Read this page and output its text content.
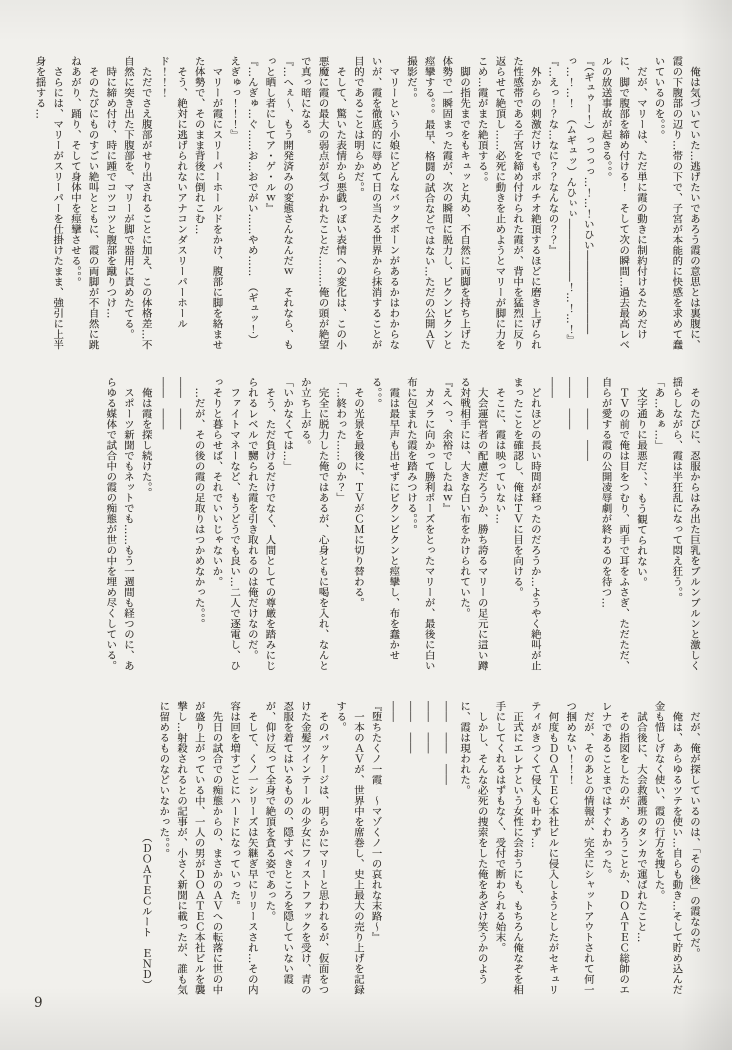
　俺は気づいていた…逃げたいであろう霞の意思とは裏腹に、霞の下腹部の辺り…帯の下で、子宮が本能的に快感を求めて蠢いているのを。。。

　だが、マリーは、ただ単に霞の動きに制約付けるためだけに、脚で腹部を締め付ける！　そして次の瞬間…過去最高レベルの放送事故が起きる。。。

『（ギュゥー！）っっっっ…！…！いひい――――――――っ…！…！　（ムギュッ）んひぃぃ――――――！…！…！』

『…えっ！？な…なに？？なんなの？？』

　外からの刺激だけでもポルチオ絶頂するほどに磨き上げられた性感帯である子宮を締め付けられた霞が、背中を猛烈に反り返らせて絶頂し……必死に動きを止めようとマリーが脚に力をこめ…霞がまた絶頂する。。

　脚の指先までをもキュッと丸め、不自然に両脚を持ち上げた体勢で一瞬固まった霞が、次の瞬間に脱力し、ビクンビクンと痙攣する。。。最早、格闘の試合などではない…ただの公開ＡＶ撮影だ。。

　マリーという小娘にどんなバックボーンがあるかはわからないが、霞を徹底的に辱めて日の当たる世界から抹消することが目的であることは明らかだ。。

　そして、驚いた表情から悪戯っぽい表情への変化は、この小悪魔に霞の最大の弱点が気づかれたことだ………俺の頭が絶望で真っ暗になる。

『…へぇ〜、もう開発済みの変態さんなんだｗ　それなら、もっと晒し者にしてア・ゲ・ルｗ』

『…んぎゅ…ぐ……お…おでがい……やめ……　（ギュッ！）　えぎゅっ！！！』

　マリーが霞にスリーパーホールドをかけ、腹部に脚を絡ませた体勢で、そのまま背後に倒れこむ…

　そう、絶対に逃げられないアナコンダスリーパーホールド！！！

　ただでさえ腹部がせり出されることに加え、この体格差…不自然に突き出た下腹部を、マリーが脚で器用に責めたてる。

　時に締め付け、時に踵でコツコツと腹部を蹴りつけ…

　そのたびにものすごい絶叫とともに、霞の両脚が不自然に跳ねあがり、踊り、そして身体中を痙攣させる。。。

　さらには、マリーがスリーパーを仕掛けたまま、強引に上半身を揺する…

　そのたびに、忍服からはみ出た巨乳をブルンブルンと激しく揺らしながら、霞は半狂乱になって悶え狂う。。

「あ…あぁ…」

　文字通りに最悪だ、、、もう観てられない。

　ＴＶの前で俺は目をつむり、両手で耳をふさぎ、ただただ、自らが愛する霞の公開凌辱劇が終わるのを待つ…

――　――　――

――　――

――

　どれほどの長い時間が経ったのだろうか…ようやく絶叫が止まったことを確認し、俺はＴＶに目を向ける。

　そこに、霞は映っていない…

　大会運営者の配慮だろうか、勝ち誇るマリーの足元に這い蹲る対戦相手には、大きな白い布をかけられていた。

『えへっ、余裕でしたねｗ』

　カメラに向かって勝利ポーズをとったマリーが、最後に白い布に包まれた霞を踏みつける。。。

　霞は最早声も出せずにビクンビクンと痙攣し、布を蠢かせる。。。

　その光景を最後に、ＴＶがＣＭに切り替わる。

「…終わった……のか？」

　完全に脱力した俺ではあるが、心身ともに喝を入れ、なんとか立ち上がる。

「いかなくては…」

　そう、ただ負けるだけでなく、人間としての尊厳を踏みにじられるレベルで嬲られた霞を引き取れるのは俺だけなのだ。

　ファイトマネーなど、もうどうでも良い…二人で逐電し、ひっそりと暮らせば、それでいいじゃないか。

　…だが、その後の霞の足取りはつかめなかった。。。

――　――

――　――

　俺は霞を探し続けた。。

　スポーツ新聞でもネットでも……もう一週間も経つのに、あらゆる媒体で試合中の霞の痴態が世の中を埋め尽くしている。

　だが、俺が探しているのは、「その後」の霞なのだ。

　俺は、あらゆるツテを使い…自らも動き…そして貯め込んだ金も惜しげなく使い、霞の行方を捜した。

　試合後に、大会救護班のタンカで運ばれたこと…

　その指図をしたのが、あろうことか、ＤＯＡＴＥＣ総帥のエレナであることまではすぐわかった。

　だが、そのあとの情報が、完全にシャットアウトされて何一つ掴めない！！！

　何度もＤＯＡＴＥＣ本社ビルに侵入しようとしたがセキュリティがきつくて侵入も叶わず…

　正式にエレナという女性に会おうにも、もちろん俺なぞを相手にしてくれるはずもなく、受付で断わられる始末。

　しかし、そんな必死の捜索をした俺をあざけ笑うかのように、霞は現われた。

――　――　――

――　――

――　――

――

『堕ちたくノ一霞　〜マゾくノ一の哀れな末路〜』

　一本のＡＶが、世界中を席巻し、史上最大の売り上げを記録する。

　そのパッケージは、明らかにマリーと思われるが、仮面をつけた金髪ツインテールの少女にフィストファックを受け、青の忍服を着てはいるものの、隠すべきところを隠していない霞が、仰け反って全身で絶頂を貪る姿であった。

　そして、くノ一シリーズは矢継ぎ早にリリースされ…その内容は回を増すごとにハードになっていった。

　先日の試合での痴態からの、まさかのＡＶへの転落に世の中が盛り上がっている中、一人の男がＤＯＡＴＥＣ本社ビルを襲撃し…射殺されるとの記事が、小さく新聞に載ったが、誰も気に留めるものなどいなかった。。。

　　　　　　　　　　　　　（ＤＯＡＴＥＣルート　ＥＮＤ）

9
